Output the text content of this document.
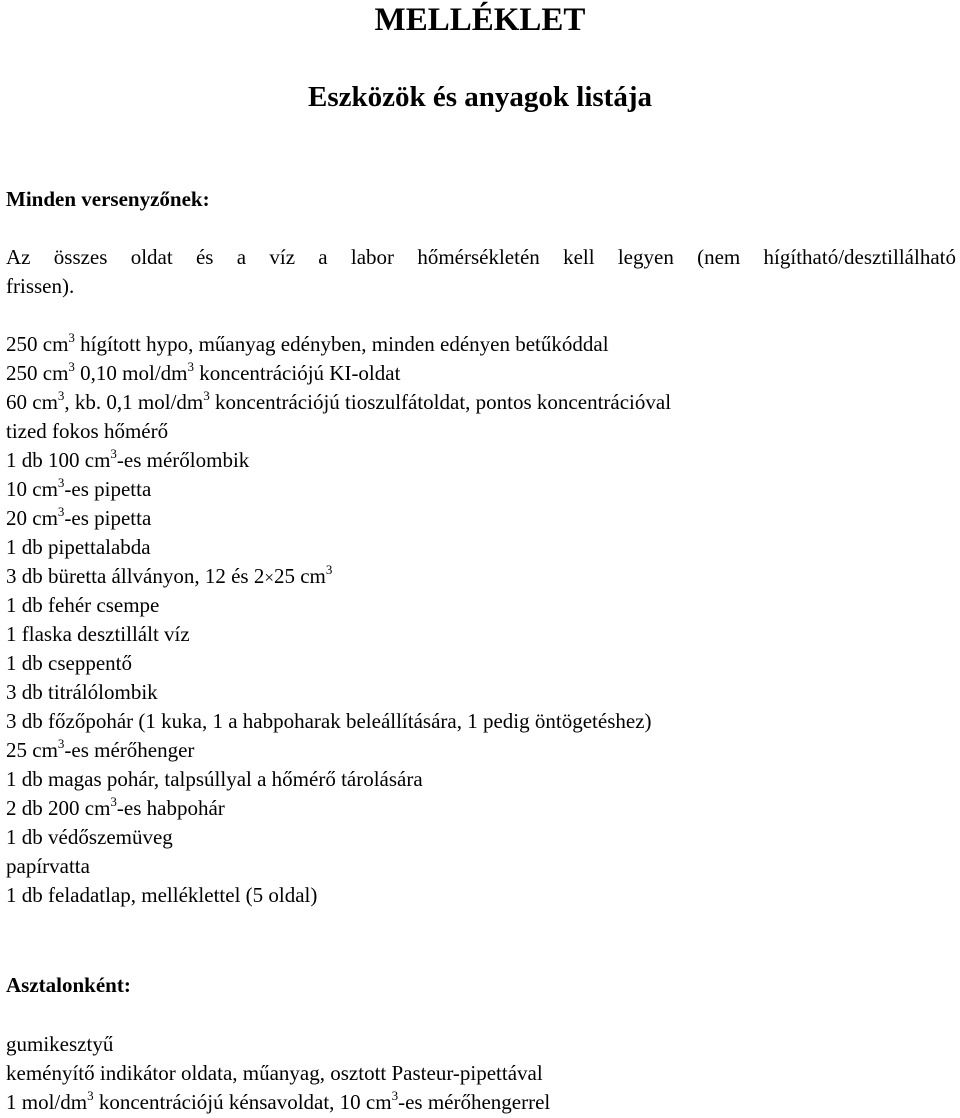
MELLÉKLET
Eszközök és anyagok listája
Minden versenyzőnek:
Az összes oldat és a víz a labor hőmérsékletén kell legyen (nem hígítható/desztillálható
frissen).
250 $cm^3$ hígított hypo, műanyag edényben, minden edényen betűkóddal
250 $cm^3$ 0,10 mol/$dm^3$ koncentrációjú KI-oldat
60 $cm^3$, kb. 0,1 mol/$dm^3$ koncentrációjú tioszulfátoldat, pontos koncentrációval
tized fokos hőmérő
1 db 100 $cm^3-es$ mérőlombik
10 $cm^3-es$ pipetta
20 $cm^3-es$ pipetta
1 db pipettalabda
3 db büretta állványon, 12 és 2×25 $cm^3$
1 db fehér csempe
1 flaska desztillált víz
1 db cseppentő
3 db titrálólombik
3 db főzőpohár (1 kuka, 1 a habpoharak beleállítására, 1 pedig öntögetéshez)
25 $cm^3-es$ mérőhenger
1 db magas pohár, talpsúllyal a hőmérő tárolására
2 db 200 $cm^3-es$ habpohár
1 db védőszemüveg
papírvatta
1 db feladatlap, melléklettel (5 oldal)
Asztalonként:
gumikesztyű
keményítő indikátor oldata, műanyag, osztott Pasteur-pipettával
1 mol/$dm^3$ koncentrációjú kénsavoldat, 10 $cm^3-es$ mérőhengerrel
